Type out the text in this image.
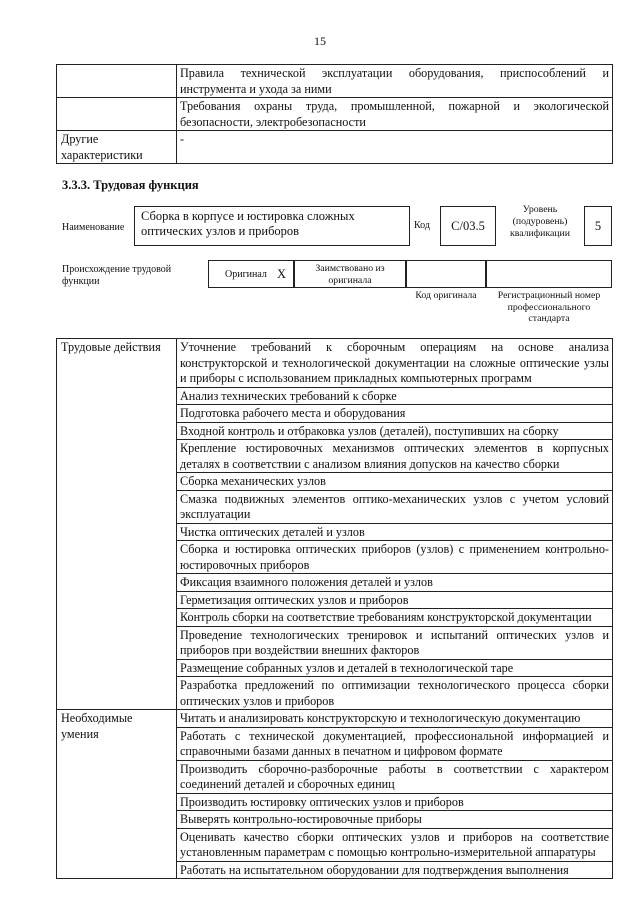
15

	Правила технической эксплуатации оборудования, приспособлений и инструмента и ухода за ними

	Требования охраны труда, промышленной, пожарной и экологической безопасности, электробезопасности

Другие характеристики	-
3.3.3. Трудовая функция
Наименование
Сборка в корпусе и юстировка сложных оптических узлов и приборов	Код	С/03.5
Уровень (подуровень) квалификации
5
Происхождение трудовой функции
Оригинал X	Заимствовано из оригинала
Код оригинала	Регистрационный номер профессионального стандарта
Трудовые действия	Уточнение требований к сборочным операциям на основе анализа конструкторской и технологической документации на сложные оптические узлы и приборы с использованием прикладных компьютерных программ

	Анализ технических требований к сборке

	Подготовка рабочего места и оборудования

	Входной контроль и отбраковка узлов (деталей), поступивших на сборку

	Крепление юстировочных механизмов оптических элементов в корпусных деталях в соответствии с анализом влияния допусков на качество сборки

	Сборка механических узлов

	Смазка подвижных элементов оптико-механических узлов с учетом условий эксплуатации

	Чистка оптических деталей и узлов

	Сборка и юстировка оптических приборов (узлов) с применением контрольно-юстировочных приборов

	Фиксация взаимного положения деталей и узлов

	Герметизация оптических узлов и приборов

	Контроль сборки на соответствие требованиям конструкторской документации

	Проведение технологических тренировок и испытаний оптических узлов и приборов при воздействии внешних факторов

	Размещение собранных узлов и деталей в технологической таре

	Разработка предложений по оптимизации технологического процесса сборки оптических узлов и приборов

Необходимые умения	Читать и анализировать конструкторскую и технологическую документацию

	Работать с технической документацией, профессиональной информацией и справочными базами данных в печатном и цифровом формате

	Производить сборочно-разборочные работы в соответствии с характером соединений деталей и сборочных единиц

	Производить юстировку оптических узлов и приборов

	Выверять контрольно-юстировочные приборы

	Оценивать качество сборки оптических узлов и приборов на соответствие установленным параметрам с помощью контрольно-измерительной аппаратуры

	Работать на испытательном оборудовании для подтверждения выполнения
